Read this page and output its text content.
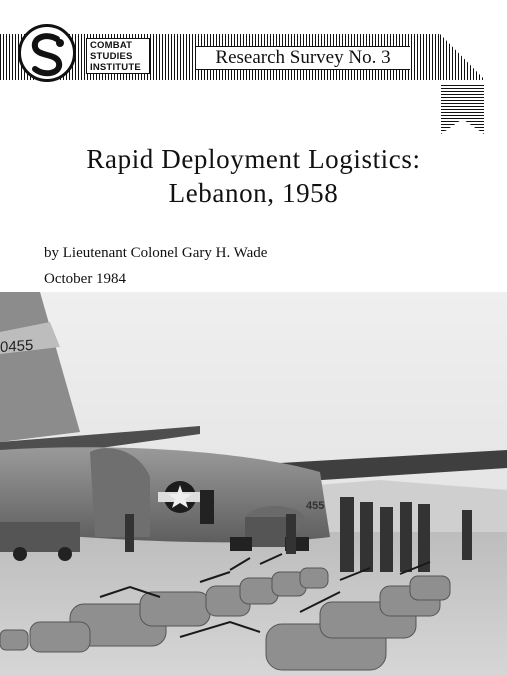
COMBAT
STUDIES
INSTITUTE	Research Survey No. 3
Rapid Deployment Logistics:
Lebanon, 1958
by Lieutenant Colonel Gary H. Wade
October 1984
0455
455
